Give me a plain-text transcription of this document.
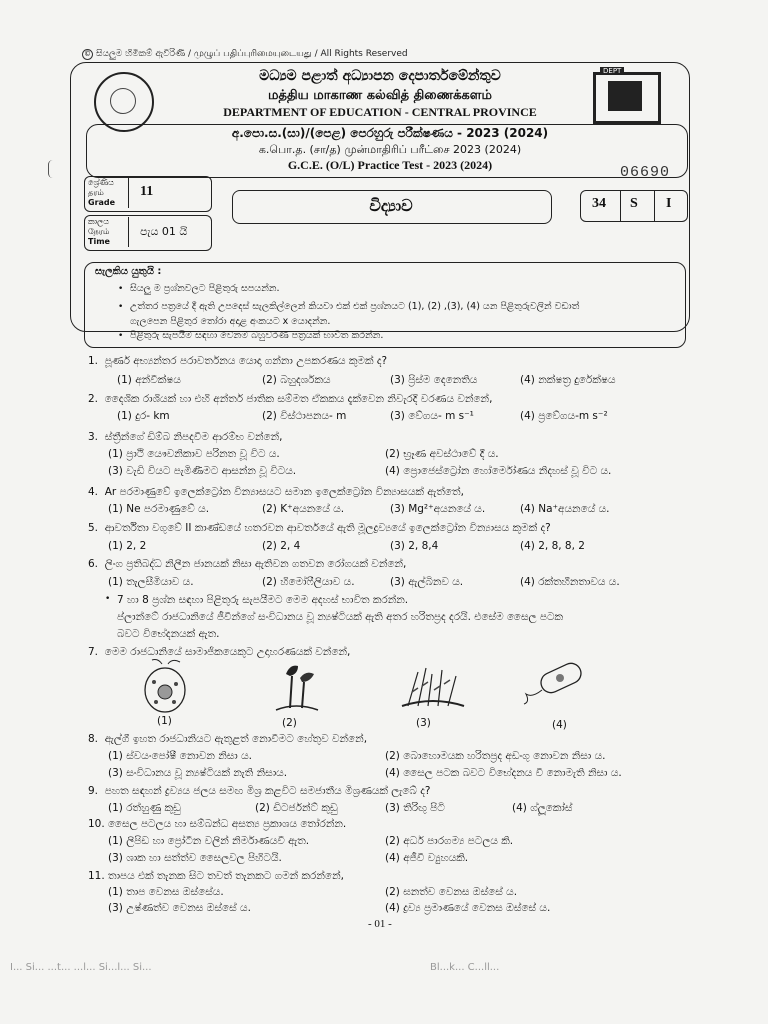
© සියලුම හිමිකම් ඇවිරිණි / முழுப் பதிப்புரிமையுடையது / All Rights Reserved
DEPT
මධ්‍යම පළාත් අධ්‍යාපන දෙපාර්තමේන්තුව
மத்திய மாகாண கல்வித் திணைக்களம்
DEPARTMENT OF EDUCATION - CENTRAL PROVINCE
අ.පො.ස.(සා)/(පෙළ) පෙරහුරු පරීක්ෂණය - 2023 (2024)
க.பொ.த. (சா/த) முன்மாதிரிப் பரீட்சை 2023 (2024)
G.C.E. (O/L) Practice Test - 2023 (2024)	06690
ශ්‍රේණිය
தரம்
Grade
11
කාලය
நேரம்
Time
පැය 01 යි
විද්‍යාව	34 S I
සැලකිය යුතුයි :
• සියලු ම ප්‍රශ්නවලට පිළිතුරු සපයන්න.
• උත්තර පත්‍රයේ දී ඇති උපදෙස් සැලකිල්ලෙන් කියවා එක් එක් ප්‍රශ්නයට (1), (2) ,(3), (4) යන පිළිතුරුවලින් වඩාත්
ගැලපෙන පිළිතුර තෝරා අදාළ අංකයට x යොදන්න.
• පිළිතුරු සැපයීම සඳහා වෙනම බහුවරණ පත්‍රයක් භාවිත කරන්න.
1. පූර්ණ අභ්‍යන්තර පරාවර්තනය යොදා ගන්නා උපකරණය කුමක් ද?
(1) අන්වීක්ෂය	(2) බහුදර්ශකය	(3) ප්‍රිස්ම දෙනෙතිය	(4) නක්ෂත්‍ර දුරේක්ෂය
2. දෛශික රාශියක් හා එහි අන්තර් ජාතික සම්මත ඒකකය දැක්වෙන නිවැරදි වරණය වන්නේ,
(1) දුර- km	(2) විස්ථාපනය- m	(3) වේගය- m s⁻¹	(4) ප්‍රවේගය-m s⁻²
3. ස්ත්‍රීන්ගේ ඩිම්බ නිපදවීම ආරම්භ වන්නේ,
(1) ප්‍රාථි යෞවනිකාව පරිනත වූ විට ය.	(2) භ්‍රෑණ අවස්ථාවේ දී ය.
(3) වැඩි වියට පැමිණීමට ආසන්න වූ විටය.	(4) ප්‍රොජෙස්ට්‍රෝන හෝර්මෝණය නිදහස් වූ විට ය.
4. Ar පරමාණුවේ ඉලෙක්ට්‍රෝන වින්‍යාසයට සමාන ඉලෙක්ට්‍රෝන වින්‍යාසයක් ඇත්තේ,
(1) Ne පරමාණුවේ ය.	(2) K⁺අයනයේ ය.	(3) Mg²⁺අයනයේ ය.	(4) Na⁺අයනයේ ය.
5. ආවර්තිතා වගුවේ II කාණ්ඩයේ හතරවන ආවර්තයේ ඇති මූලද්‍රව්‍යයේ ඉලෙක්ට්‍රෝන වින්‍යාසය කුමක් ද?
(1) 2, 2	(2) 2, 4	(3) 2, 8,4	(4) 2, 8, 8, 2
6. ලිංග ප්‍රතිබද්ධ නිලීන ජානයක් නිසා ඇතිවන ගතවන රෝගයක් වන්නේ,
(1) තැලසීමියාව ය.	(2) හිමෝෆීලියාව ය.	(3) ඇල්බිනව ය.	(4) රක්තහීනතාවය ය.
• 7 හා 8 ප්‍රශ්න සඳහා පිළිතුරු සැපයීමට මෙම අදහස් භාවිත කරන්න.
ප්ලාන්ටේ රාජධානියේ ජීවීන්ගේ සංවිධානය වූ න්‍යෂ්ටියක් ඇති අතර හරිතප්‍රද දරයි. එසේම සෛල පටක
බවට විභේදනයක් ඇත.
7. මෙම රාජධානියේ සාමාජිකයෙකුට උදාහරණයක් වන්නේ,
(1)	(2)	(3)	(4)
8. ඇල්ගී ඉහත රාජධානියට ඇතුළත් නොවීමට හේතුව වන්නේ,
(1) ස්වයංපෝෂී නොවන නිසා ය.	(2) බොහොමයක හරිතප්‍රද අඩංගු නොවන නිසා ය.
(3) සංවිධානය වූ න්‍යෂ්ටියක් නැති නිසාය.	(4) සෛල පටක බවට විභේදනය වී නොමැති නිසා ය.
9. පහත සඳහන් ද්‍රව්‍යය ජලය සමඟ මිශ්‍ර කළවිට සමජාතීය මිශ්‍රණයක් ලැබේ ද?
(1) රත්හුණු කුඩු	(2) ඩිටර්ජන්ට් කුඩු	(3) තිරිඟු පිටි	(4) ග්ලූකෝස්
10. සෛල පටලය හා සම්බන්ධ අසත්‍ය ප්‍රකාශය තෝරන්න.
(1) ලිපිඩ හා ප්‍රෝටීන වලින් නිර්මාණයවී ඇත.	(2) අර්ධ පාරගම්‍ය පටලය කි.
(3) ශාක හා සත්ත්ව සෛලවල පිහිටයි.	(4) අජීවී ව්‍යුහයකි.
11. තාපය එක් තැනක සිට තවත් තැනකට ගමන් කරන්නේ,
(1) තාප වෙනස ඔස්සේය.	(2) ඝනත්ව වෙනස ඔස්සේ ය.
(3) උෂ්ණත්ව වෙනස ඔස්සේ ය.	(4) ද්‍රව්‍ය ප්‍රමාණයේ වෙනස ඔස්සේ ය.
- 01 -
I... Si... ...t... ...l... Si...l... Si...	Bl...k... C...ll...
